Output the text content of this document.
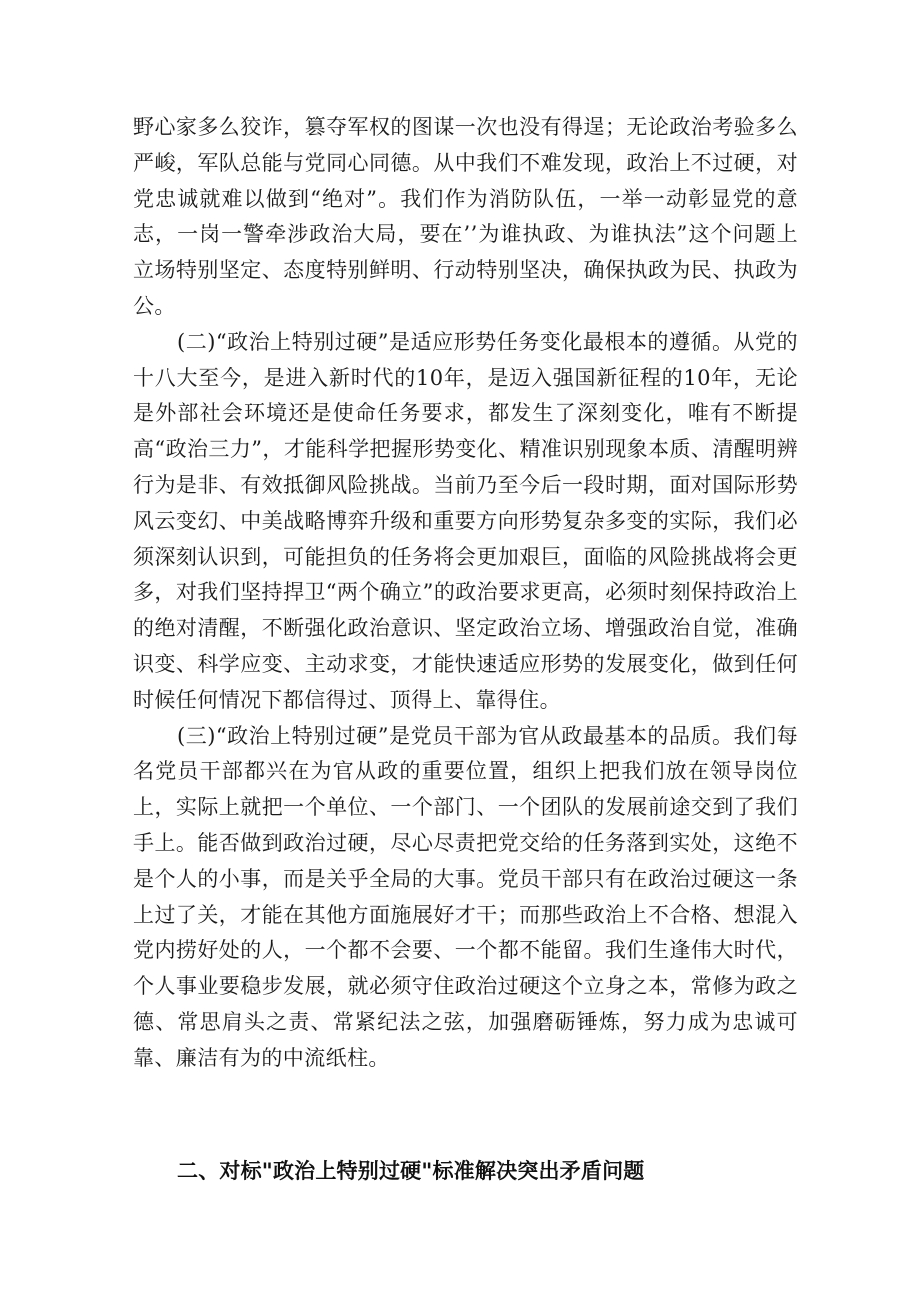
野心家多么狡诈，篡夺军权的图谋一次也没有得逞；无论政治考验多么严峻，军队总能与党同心同德。从中我们不难发现，政治上不过硬，对党忠诚就难以做到“绝对”。我们作为消防队伍，一举一动彰显党的意志，一岗一警牵涉政治大局，要在’’为谁执政、为谁执法”这个问题上立场特别坚定、态度特别鲜明、行动特别坚决，确保执政为民、执政为公。

(二)“政治上特别过硬”是适应形势任务变化最根本的遵循。从党的十八大至今，是进入新时代的10年，是迈入强国新征程的10年，无论是外部社会环境还是使命任务要求，都发生了深刻变化，唯有不断提高“政治三力”，才能科学把握形势变化、精准识别现象本质、清醒明辨行为是非、有效抵御风险挑战。当前乃至今后一段时期，面对国际形势风云变幻、中美战略博弈升级和重要方向形势复杂多变的实际，我们必须深刻认识到，可能担负的任务将会更加艰巨，面临的风险挑战将会更多，对我们坚持捍卫“两个确立”的政治要求更高，必须时刻保持政治上的绝对清醒，不断强化政治意识、坚定政治立场、增强政治自觉，准确识变、科学应变、主动求变，才能快速适应形势的发展变化，做到任何时候任何情况下都信得过、顶得上、靠得住。

(三)“政治上特别过硬”是党员干部为官从政最基本的品质。我们每名党员干部都兴在为官从政的重要位置，组织上把我们放在领导岗位上，实际上就把一个单位、一个部门、一个团队的发展前途交到了我们手上。能否做到政治过硬，尽心尽责把党交给的任务落到实处，这绝不是个人的小事，而是关乎全局的大事。党员干部只有在政治过硬这一条上过了关，才能在其他方面施展好才干；而那些政治上不合格、想混入党内捞好处的人，一个都不会要、一个都不能留。我们生逢伟大时代，个人事业要稳步发展，就必须守住政治过硬这个立身之本，常修为政之德、常思肩头之责、常紧纪法之弦，加强磨砺锤炼，努力成为忠诚可靠、廉洁有为的中流纸柱。

二、对标"政治上特别过硬"标准解决突出矛盾问题
